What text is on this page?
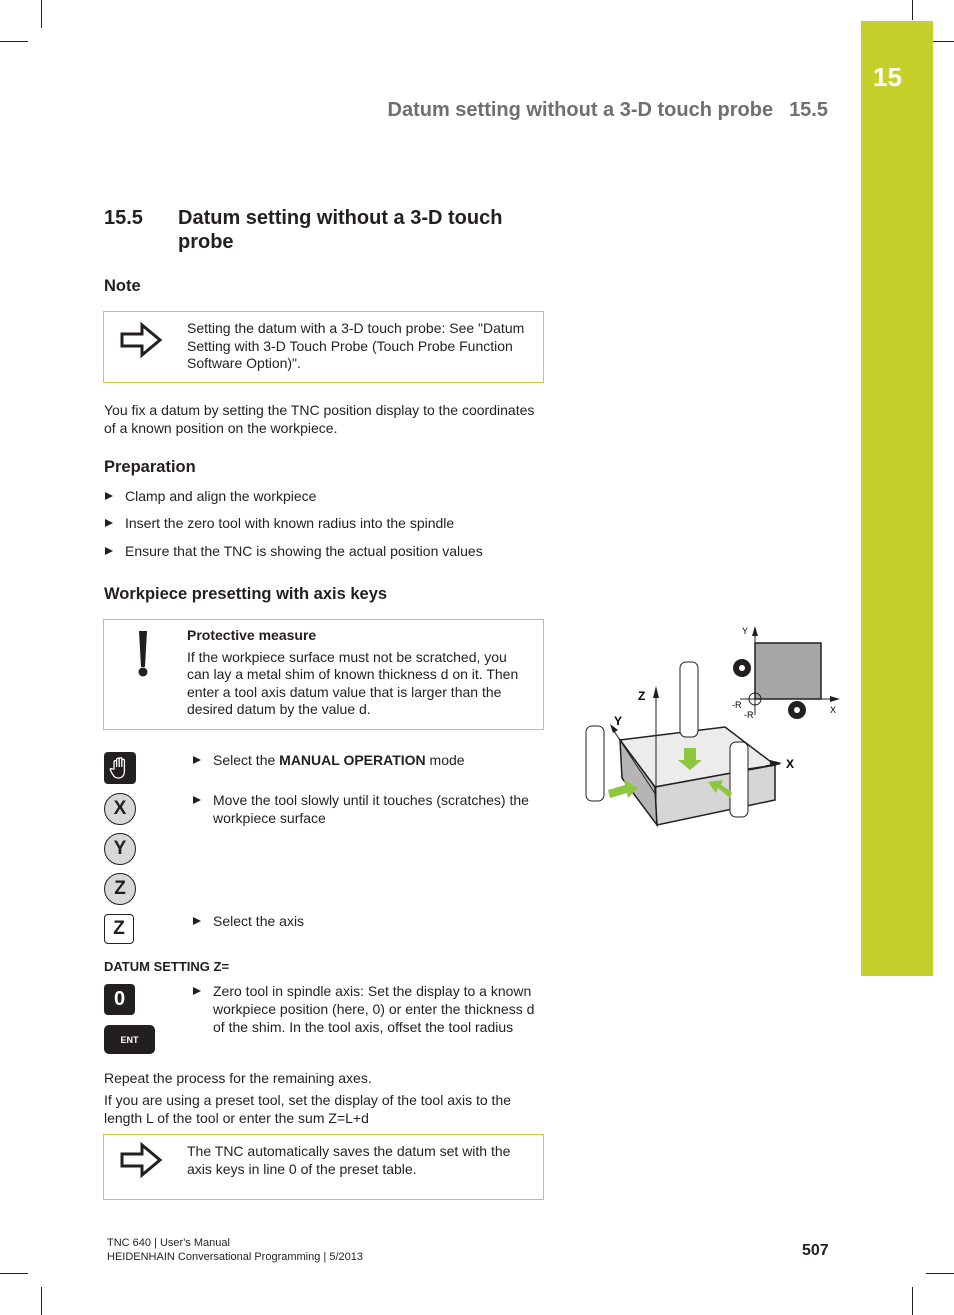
15
Datum setting without a 3-D touch probe 15.5
15.5 Datum setting without a 3-D touch probe
Note
Setting the datum with a 3-D touch probe: See "Datum Setting with 3-D Touch Probe (Touch Probe Function Software Option)".
You fix a datum by setting the TNC position display to the coordinates of a known position on the workpiece.
Preparation
Clamp and align the workpiece
Insert the zero tool with known radius into the spindle
Ensure that the TNC is showing the actual position values
Workpiece presetting with axis keys
Protective measure
If the workpiece surface must not be scratched, you can lay a metal shim of known thickness d on it. Then enter a tool axis datum value that is larger than the desired datum by the value d.
X
Y
Z
Z
Select the MANUAL OPERATION mode
Move the tool slowly until it touches (scratches) the workpiece surface
Select the axis
DATUM SETTING Z=
0
ENT
Zero tool in spindle axis: Set the display to a known workpiece position (here, 0) or enter the thickness d of the shim. In the tool axis, offset the tool radius
Repeat the process for the remaining axes.
If you are using a preset tool, set the display of the tool axis to the length L of the tool or enter the sum Z=L+d
The TNC automatically saves the datum set with the axis keys in line 0 of the preset table.
Z
Y
X
Y
X
-R
-R
TNC 640 | User's Manual
HEIDENHAIN Conversational Programming | 5/2013	507
